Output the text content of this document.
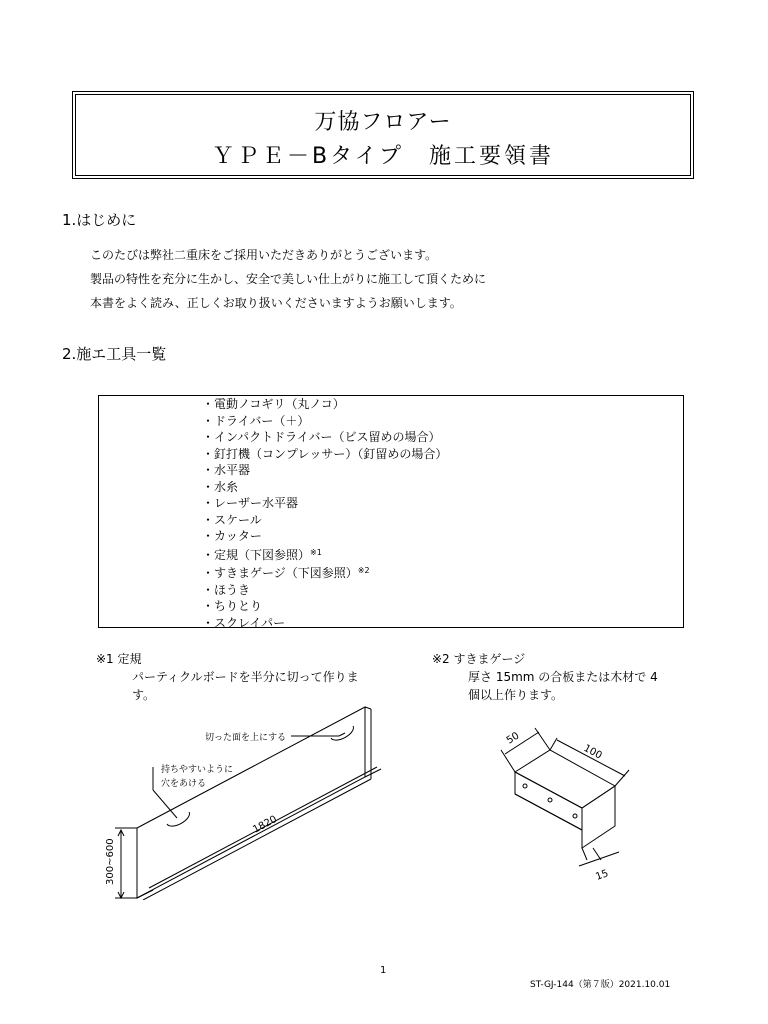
万協フロアー
ＹＰＥ－Bタイプ　施工要領書
1.はじめに
このたびは弊社二重床をご採用いただきありがとうございます。
製品の特性を充分に生かし、安全で美しい仕上がりに施工して頂くために
本書をよく読み、正しくお取り扱いくださいますようお願いします。
2.施エ工具一覧
・電動ノコギリ（丸ノコ）
・ドライバー（＋）
・インパクトドライバー（ビス留めの場合）
・釘打機（コンプレッサー）（釘留めの場合）
・水平器
・水糸
・レーザー水平器
・スケール
・カッター
・定規（下図参照）$^{※1}$
・すきまゲージ（下図参照）$^{※2}$
・ほうき
・ちりとり
・スクレイパー
※1 定規
パーティクルボードを半分に切って作りま
す。
※2 すきまゲージ
厚さ 15mm の合板または木材で 4
個以上作ります。
切った面を上にする
持ちやすいように
穴をあける
1820
300~600
50
100
15
1
ST-GJ-144（第７版）2021.10.01
